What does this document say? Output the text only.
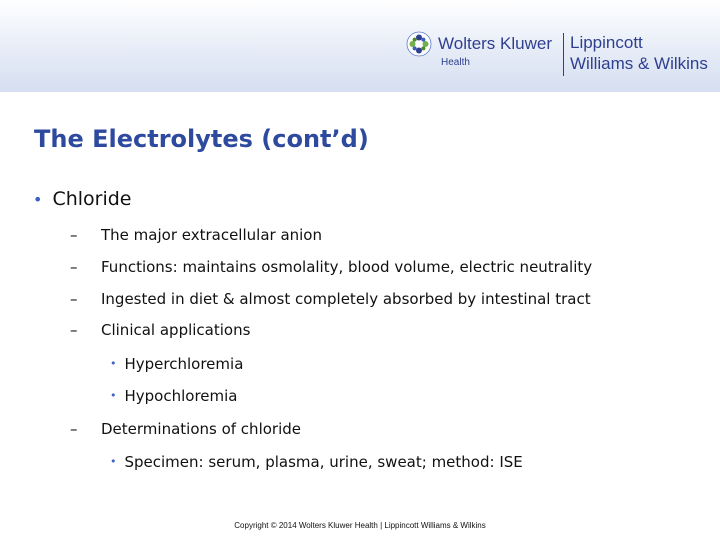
Wolters Kluwer
Health
Lippincott
Williams & Wilkins
The Electrolytes (cont’d)
• Chloride
– The major extracellular anion
– Functions: maintains osmolality, blood volume, electric neutrality
– Ingested in diet & almost completely absorbed by intestinal tract
– Clinical applications
• Hyperchloremia
• Hypochloremia
– Determinations of chloride
• Specimen: serum, plasma, urine, sweat; method: ISE
Copyright © 2014 Wolters Kluwer Health | Lippincott Williams & Wilkins
